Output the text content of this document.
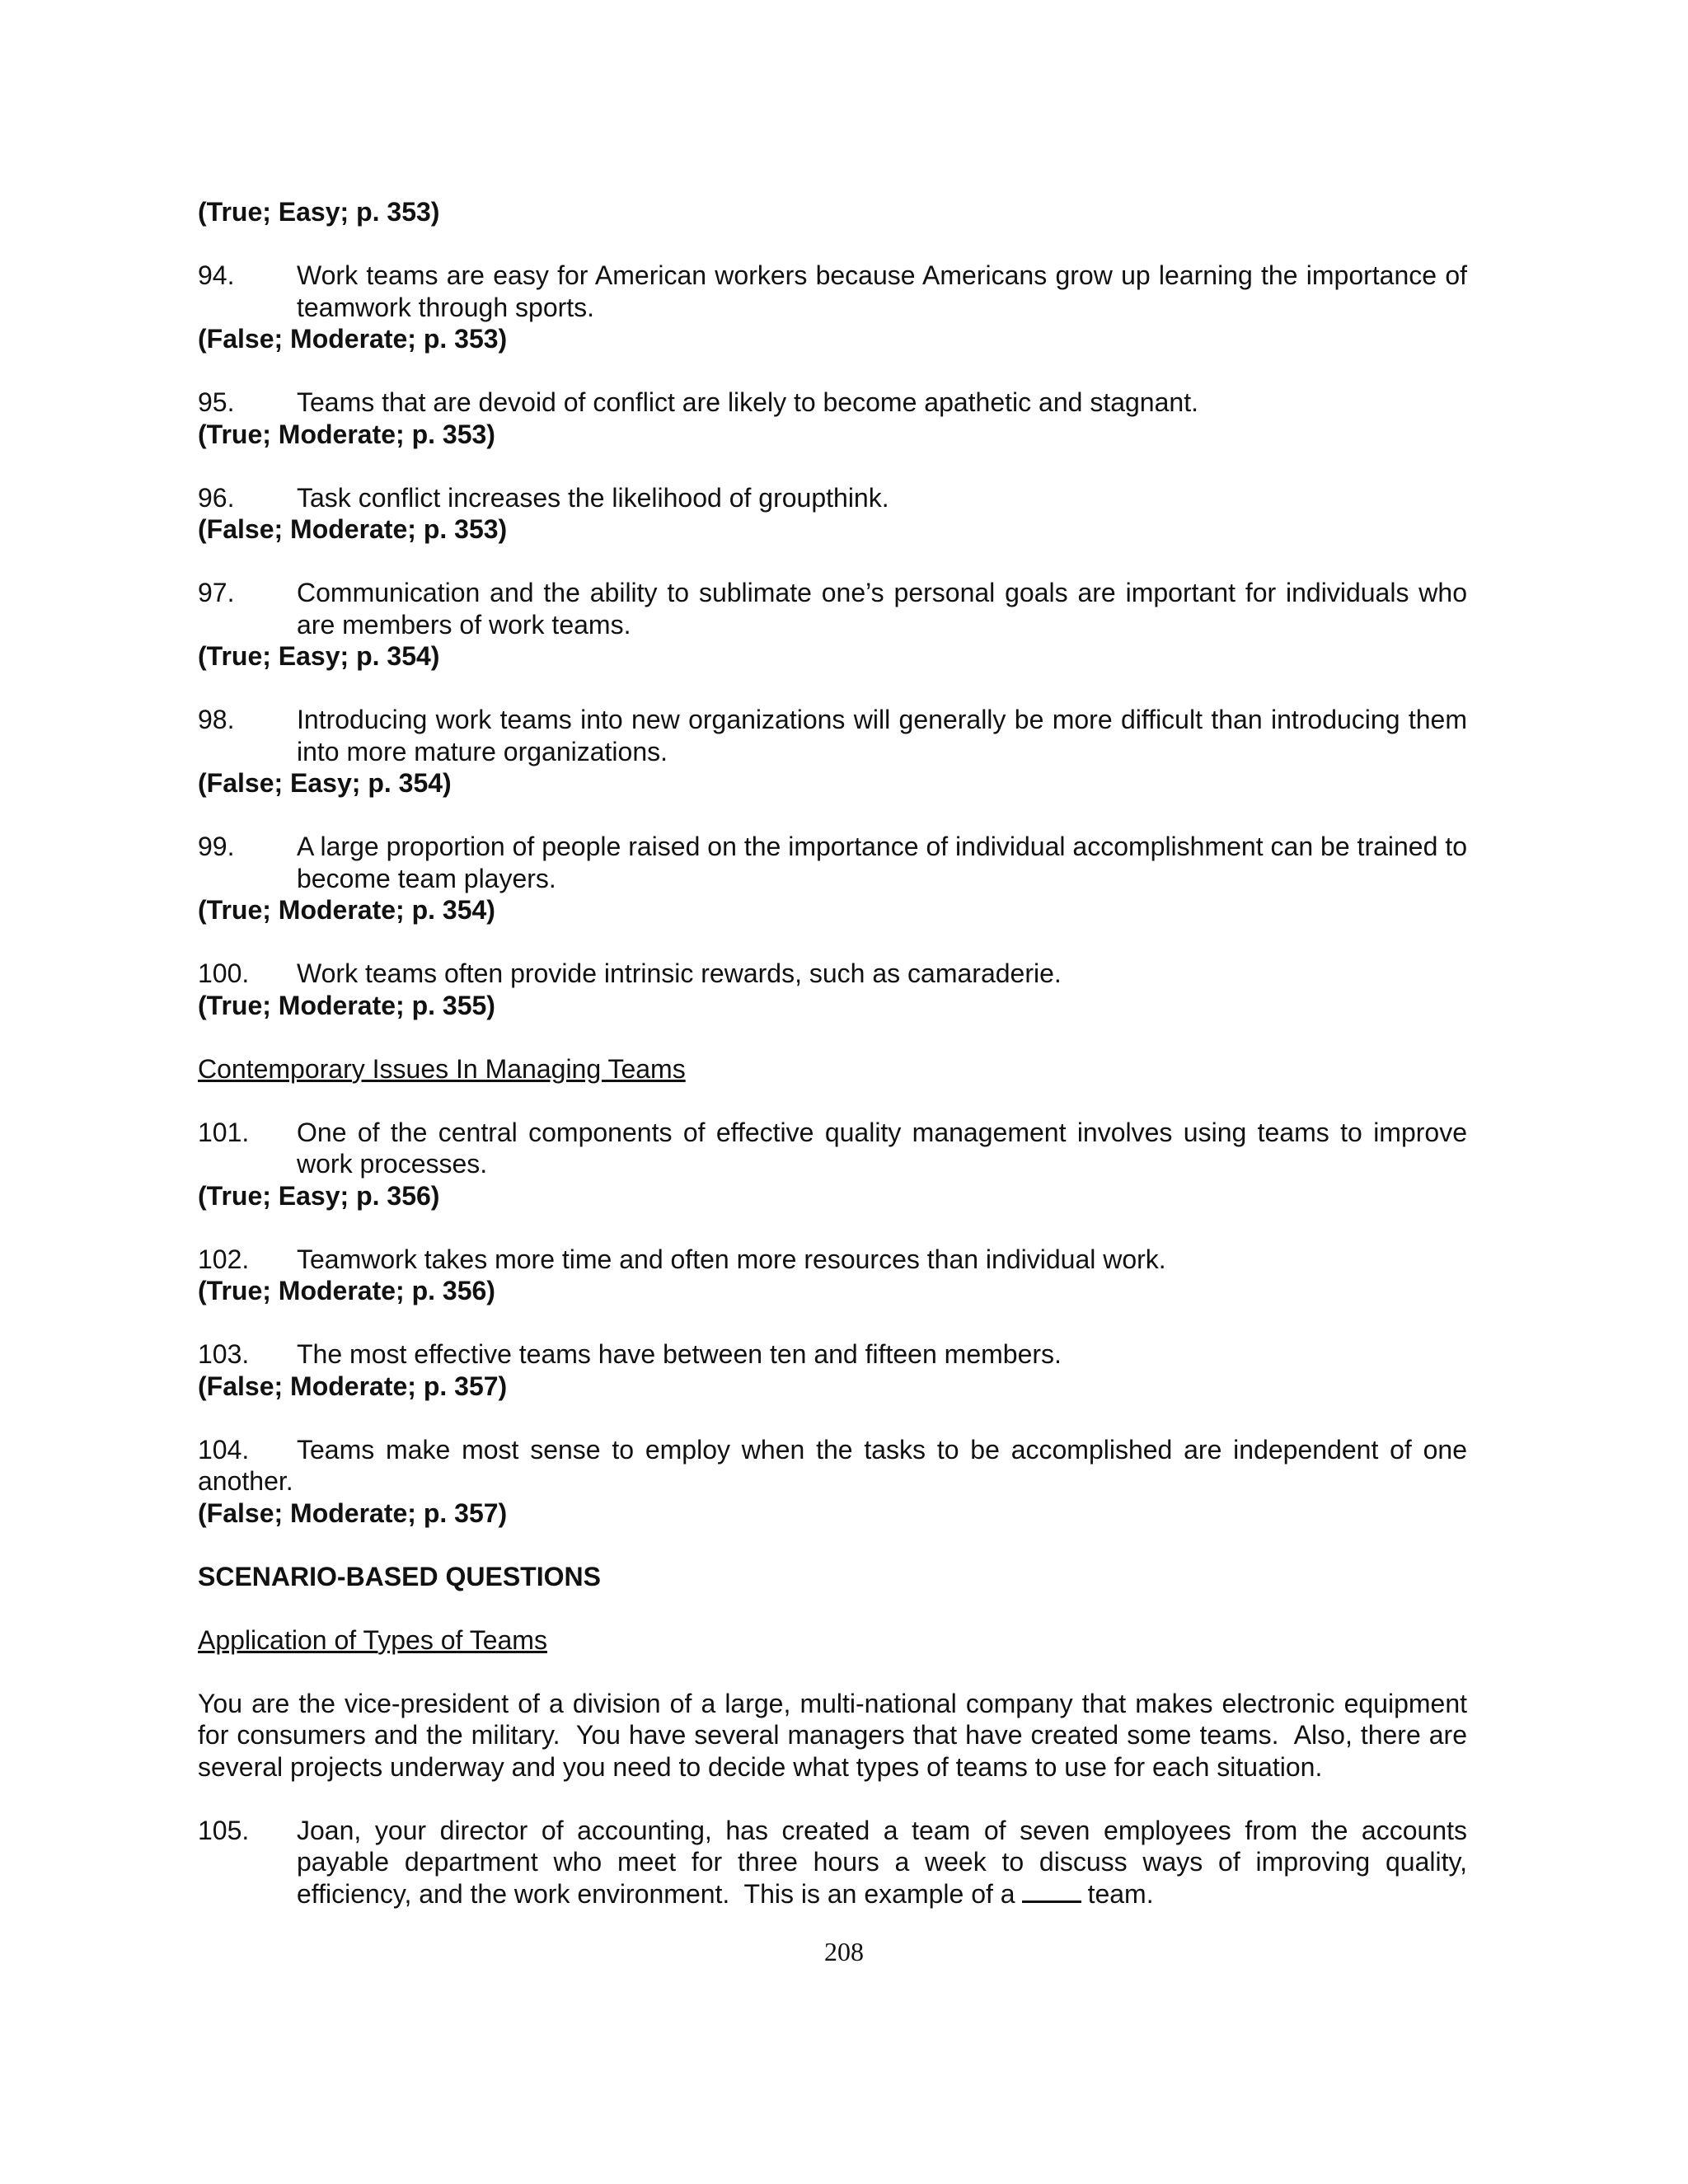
(True; Easy; p. 353)
94.	Work teams are easy for American workers because Americans grow up learning the importance of teamwork through sports.
(False; Moderate; p. 353)
95.	Teams that are devoid of conflict are likely to become apathetic and stagnant.
(True; Moderate; p. 353)
96.	Task conflict increases the likelihood of groupthink.
(False; Moderate; p. 353)
97.	Communication and the ability to sublimate one’s personal goals are important for individuals who are members of work teams.
(True; Easy; p. 354)
98.	Introducing work teams into new organizations will generally be more difficult than introducing them into more mature organizations.
(False; Easy; p. 354)
99.	A large proportion of people raised on the importance of individual accomplishment can be trained to become team players.
(True; Moderate; p. 354)
100.	Work teams often provide intrinsic rewards, such as camaraderie.
(True; Moderate; p. 355)
Contemporary Issues In Managing Teams
101.	One of the central components of effective quality management involves using teams to improve work processes.
(True; Easy; p. 356)
102.	Teamwork takes more time and often more resources than individual work.
(True; Moderate; p. 356)
103.	The most effective teams have between ten and fifteen members.
(False; Moderate; p. 357)
104. Teams make most sense to employ when the tasks to be accomplished are independent of one another.
(False; Moderate; p. 357)
SCENARIO-BASED QUESTIONS
Application of Types of Teams
You are the vice-president of a division of a large, multi-national company that makes electronic equipment for consumers and the military.  You have several managers that have created some teams.  Also, there are several projects underway and you need to decide what types of teams to use for each situation.
105.	Joan, your director of accounting, has created a team of seven employees from the accounts payable department who meet for three hours a week to discuss ways of improving quality, efficiency, and the work environment.  This is an example of a	team.
208
